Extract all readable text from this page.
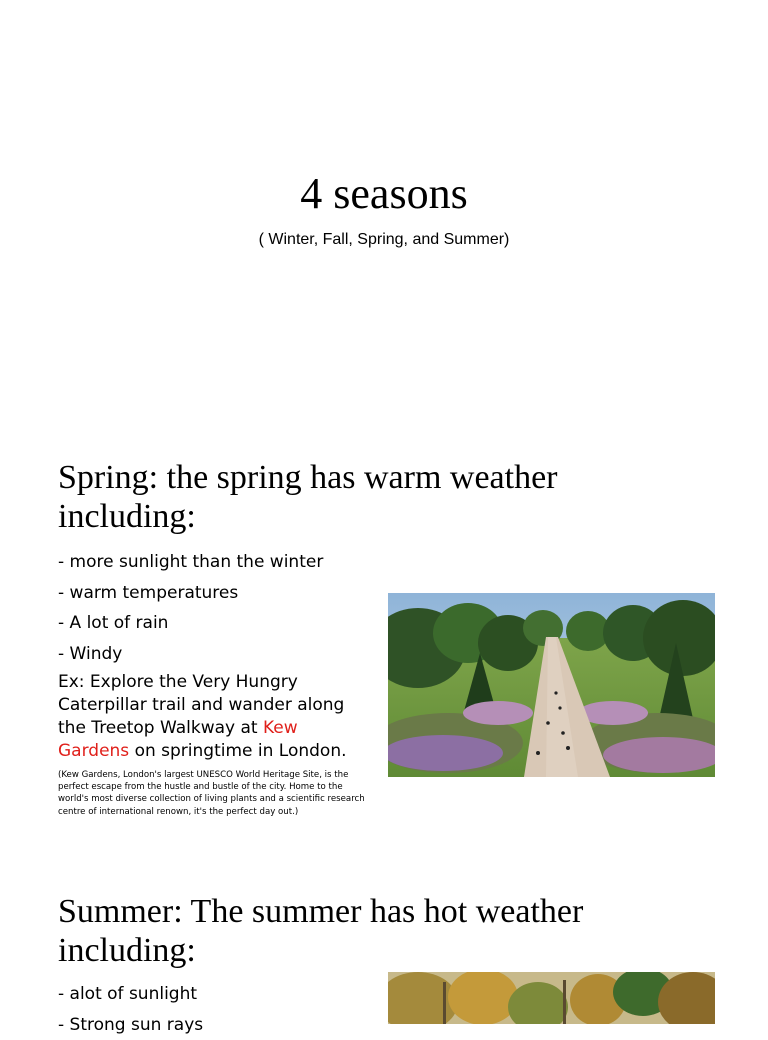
4 seasons
( Winter, Fall, Spring, and Summer)
Spring: the spring has warm weather including:
- more sunlight than the winter
- warm temperatures
- A lot of rain
- Windy

Ex: Explore the Very Hungry Caterpillar trail and wander along the Treetop Walkway at Kew Gardens on springtime in London.

(Kew Gardens, London's largest UNESCO World Heritage Site, is the perfect escape from the hustle and bustle of the city. Home to the world's most diverse collection of living plants and a scientific research centre of international renown, it's the perfect day out.)

Summer: The summer has hot weather including:
- alot of sunlight
- Strong sun rays
